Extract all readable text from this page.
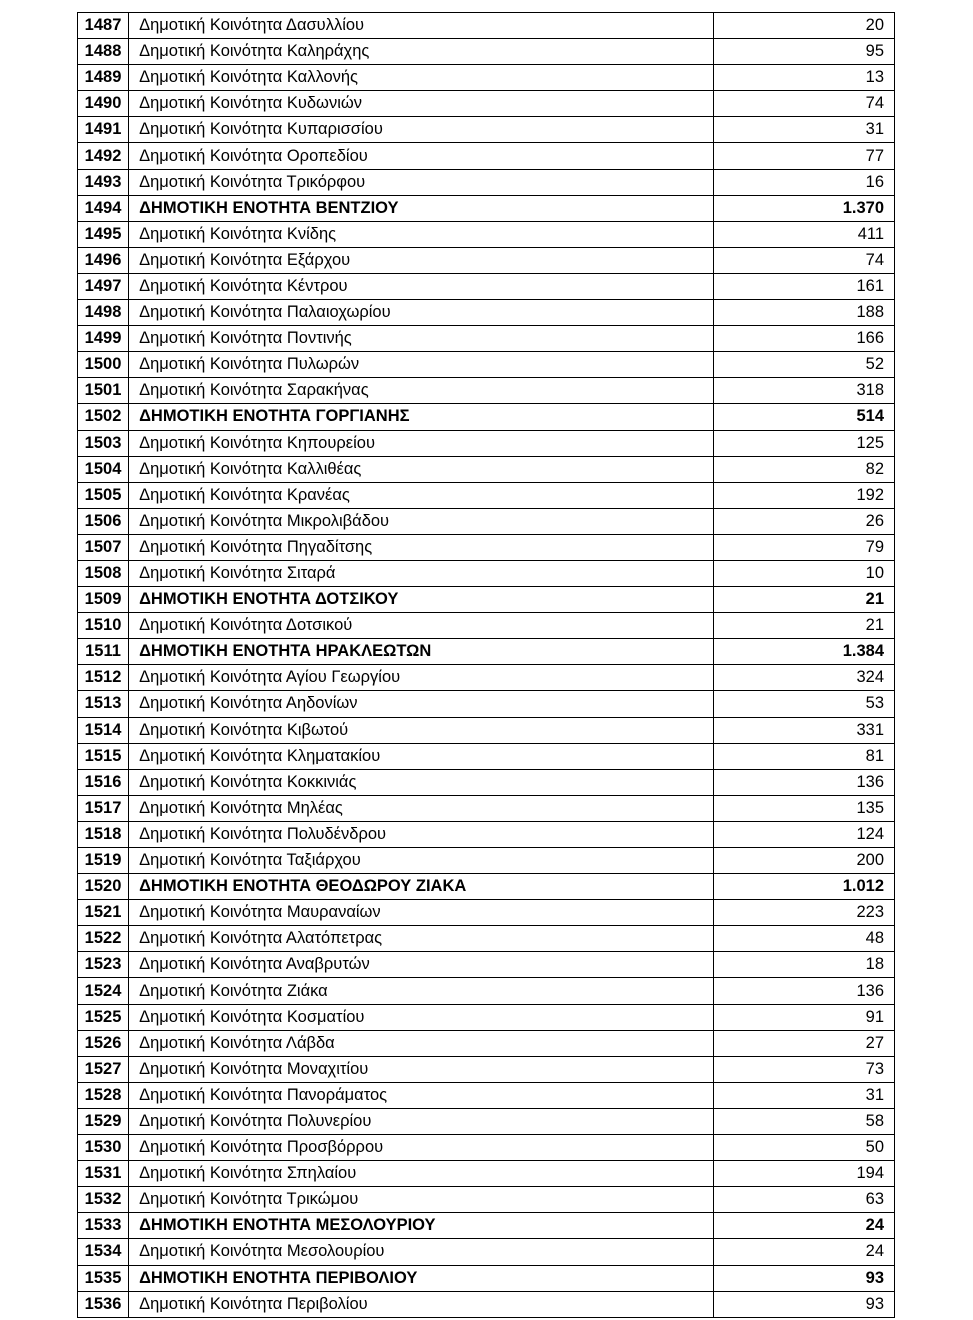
1487	Δημοτική Κοινότητα Δασυλλίου	20
1488	Δημοτική Κοινότητα Καληράχης	95
1489	Δημοτική Κοινότητα Καλλονής	13
1490	Δημοτική Κοινότητα Κυδωνιών	74
1491	Δημοτική Κοινότητα Κυπαρισσίου	31
1492	Δημοτική Κοινότητα Οροπεδίου	77
1493	Δημοτική Κοινότητα Τρικόρφου	16
1494	ΔΗΜΟΤΙΚΗ ΕΝΟΤΗΤΑ ΒΕΝΤΖΙΟΥ	1.370
1495	Δημοτική Κοινότητα Κνίδης	411
1496	Δημοτική Κοινότητα Εξάρχου	74
1497	Δημοτική Κοινότητα Κέντρου	161
1498	Δημοτική Κοινότητα Παλαιοχωρίου	188
1499	Δημοτική Κοινότητα Ποντινής	166
1500	Δημοτική Κοινότητα Πυλωρών	52
1501	Δημοτική Κοινότητα Σαρακήνας	318
1502	ΔΗΜΟΤΙΚΗ ΕΝΟΤΗΤΑ ΓΟΡΓΙΑΝΗΣ	514
1503	Δημοτική Κοινότητα Κηπουρείου	125
1504	Δημοτική Κοινότητα Καλλιθέας	82
1505	Δημοτική Κοινότητα Κρανέας	192
1506	Δημοτική Κοινότητα Μικρολιβάδου	26
1507	Δημοτική Κοινότητα Πηγαδίτσης	79
1508	Δημοτική Κοινότητα Σιταρά	10
1509	ΔΗΜΟΤΙΚΗ ΕΝΟΤΗΤΑ ΔΟΤΣΙΚΟΥ	21
1510	Δημοτική Κοινότητα Δοτσικού	21
1511	ΔΗΜΟΤΙΚΗ ΕΝΟΤΗΤΑ ΗΡΑΚΛΕΩΤΩΝ	1.384
1512	Δημοτική Κοινότητα Αγίου Γεωργίου	324
1513	Δημοτική Κοινότητα Αηδονίων	53
1514	Δημοτική Κοινότητα Κιβωτού	331
1515	Δημοτική Κοινότητα Κληματακίου	81
1516	Δημοτική Κοινότητα Κοκκινιάς	136
1517	Δημοτική Κοινότητα Μηλέας	135
1518	Δημοτική Κοινότητα Πολυδένδρου	124
1519	Δημοτική Κοινότητα Ταξιάρχου	200
1520	ΔΗΜΟΤΙΚΗ ΕΝΟΤΗΤΑ ΘΕΟΔΩΡΟΥ ΖΙΑΚΑ	1.012
1521	Δημοτική Κοινότητα Μαυραναίων	223
1522	Δημοτική Κοινότητα Αλατόπετρας	48
1523	Δημοτική Κοινότητα Αναβρυτών	18
1524	Δημοτική Κοινότητα Ζιάκα	136
1525	Δημοτική Κοινότητα Κοσματίου	91
1526	Δημοτική Κοινότητα Λάβδα	27
1527	Δημοτική Κοινότητα Μοναχιτίου	73
1528	Δημοτική Κοινότητα Πανοράματος	31
1529	Δημοτική Κοινότητα Πολυνερίου	58
1530	Δημοτική Κοινότητα Προσβόρρου	50
1531	Δημοτική Κοινότητα Σπηλαίου	194
1532	Δημοτική Κοινότητα Τρικώμου	63
1533	ΔΗΜΟΤΙΚΗ ΕΝΟΤΗΤΑ ΜΕΣΟΛΟΥΡΙΟΥ	24
1534	Δημοτική Κοινότητα Μεσολουρίου	24
1535	ΔΗΜΟΤΙΚΗ ΕΝΟΤΗΤΑ ΠΕΡΙΒΟΛΙΟΥ	93
1536	Δημοτική Κοινότητα Περιβολίου	93
